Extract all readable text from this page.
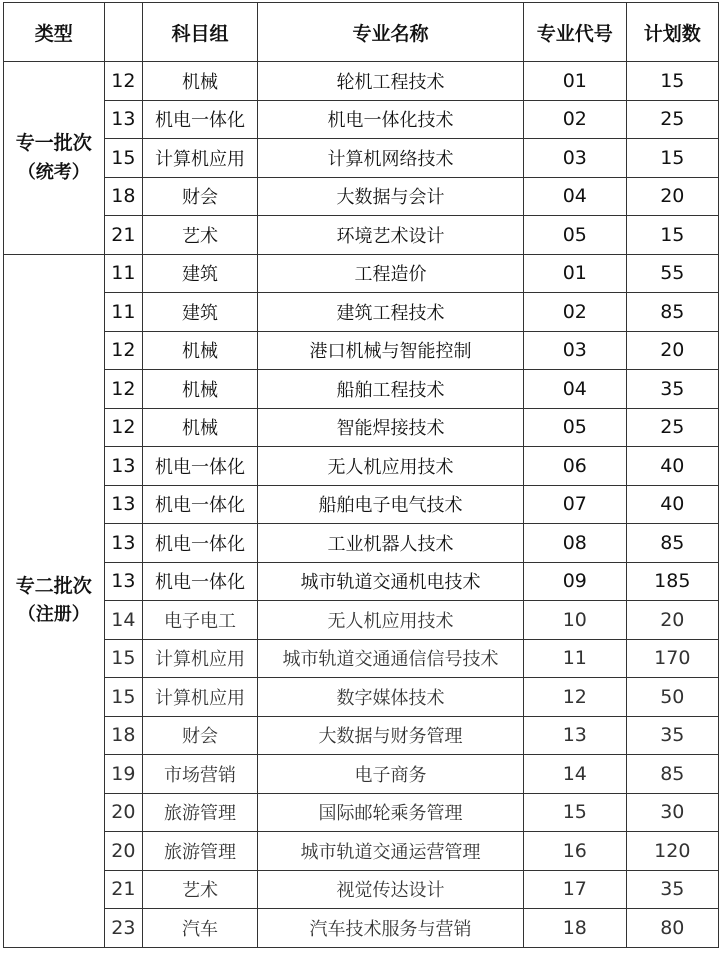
类型		科目组	专业名称	专业代号	计划数

专一批次
（统考）	12	机械	轮机工程技术	01	15
	13	机电一体化	机电一体化技术	02	25
	15	计算机应用	计算机网络技术	03	15
	18	财会	大数据与会计	04	20
	21	艺术	环境艺术设计	05	15

专二批次
（注册）	11	建筑	工程造价	01	55
	11	建筑	建筑工程技术	02	85
	12	机械	港口机械与智能控制	03	20
	12	机械	船舶工程技术	04	35
	12	机械	智能焊接技术	05	25
	13	机电一体化	无人机应用技术	06	40
	13	机电一体化	船舶电子电气技术	07	40
	13	机电一体化	工业机器人技术	08	85
	13	机电一体化	城市轨道交通机电技术	09	185
	14	电子电工	无人机应用技术	10	20
	15	计算机应用	城市轨道交通通信信号技术	11	170
	15	计算机应用	数字媒体技术	12	50
	18	财会	大数据与财务管理	13	35
	19	市场营销	电子商务	14	85
	20	旅游管理	国际邮轮乘务管理	15	30
	20	旅游管理	城市轨道交通运营管理	16	120
	21	艺术	视觉传达设计	17	35
	23	汽车	汽车技术服务与营销	18	80
